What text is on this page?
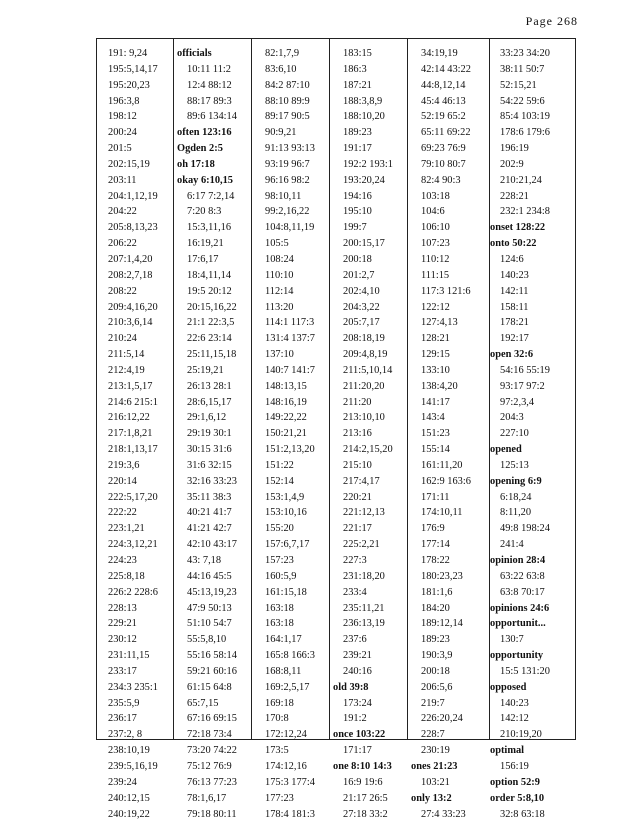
Page 268
191: 9,24
195:5,14,17
195:20,23
196:3,8
198:12
200:24
201:5
202:15,19
203:11
204:1,12,19
204:22
205:8,13,23
206:22
207:1,4,20
208:2,7,18
208:22
209:4,16,20
210:3,6,14
210:24
211:5,14
212:4,19
213:1,5,17
214:6 215:1
216:12,22
217:1,8,21
218:1,13,17
219:3,6
220:14
222:5,17,20
222:22
223:1,21
224:3,12,21
224:23
225:8,18
226:2 228:6
228:13
229:21
230:12
231:11,15
233:17
234:3 235:1
235:5,9
236:17
237:2, 8
238:10,19
239:5,16,19
239:24
240:12,15
240:19,22
officials
10:11 11:2
12:4 88:12
88:17 89:3
89:6 134:14
often 123:16
Ogden 2:5
oh 17:18
okay 6:10,15
6:17 7:2,14
7:20 8:3
15:3,11,16
16:19,21
17:6,17
18:4,11,14
19:5 20:12
20:15,16,22
21:1 22:3,5
22:6 23:14
25:11,15,18
25:19,21
26:13 28:1
28:6,15,17
29:1,6,12
29:19 30:1
30:15 31:6
31:6 32:15
32:16 33:23
35:11 38:3
40:21 41:7
41:21 42:7
42:10 43:17
43: 7,18
44:16 45:5
45:13,19,23
47:9 50:13
51:10 54:7
55:5,8,10
55:16 58:14
59:21 60:16
61:15 64:8
65:7,15
67:16 69:15
72:18 73:4
73:20 74:22
75:12 76:9
76:13 77:23
78:1,6,17
79:18 80:11
82:1,7,9
83:6,10
84:2 87:10
88:10 89:9
89:17 90:5
90:9,21
91:13 93:13
93:19 96:7
96:16 98:2
98:10,11
99:2,16,22
104:8,11,19
105:5
108:24
110:10
112:14
113:20
114:1 117:3
131:4 137:7
137:10
140:7 141:7
148:13,15
148:16,19
149:22,22
150:21,21
151:2,13,20
151:22
152:14
153:1,4,9
153:10,16
155:20
157:6,7,17
157:23
160:5,9
161:15,18
163:18
163:18
164:1,17
165:8 166:3
168:8,11
169:2,5,17
169:18
170:8
172:12,24
173:5
174:12,16
175:3 177:4
177:23
178:4 181:3
183:15
186:3
187:21
188:3,8,9
188:10,20
189:23
191:17
192:2 193:1
193:20,24
194:16
195:10
199:7
200:15,17
200:18
201:2,7
202:4,10
204:3,22
205:7,17
208:18,19
209:4,8,19
211:5,10,14
211:20,20
211:20
213:10,10
213:16
214:2,15,20
215:10
217:4,17
220:21
221:12,13
221:17
225:2,21
227:3
231:18,20
233:4
235:11,21
236:13,19
237:6
239:21
240:16
old 39:8
173:24
191:2
once 103:22
171:17
one 8:10 14:3
16:9 19:6
21:17 26:5
27:18 33:2
34:19,19
42:14 43:22
44:8,12,14
45:4 46:13
52:19 65:2
65:11 69:22
69:23 76:9
79:10 80:7
82:4 90:3
103:18
104:6
106:10
107:23
110:12
111:15
117:3 121:6
122:12
127:4,13
128:21
129:15
133:10
138:4,20
141:17
143:4
151:23
155:14
161:11,20
162:9 163:6
171:11
174:10,11
176:9
177:14
178:22
180:23,23
181:1,6
184:20
189:12,14
189:23
190:3,9
200:18
206:5,6
219:7
226:20,24
228:7
230:19
ones 21:23
103:21
only 13:2
27:4 33:23
33:23 34:20
38:11 50:7
52:15,21
54:22 59:6
85:4 103:19
178:6 179:6
196:19
202:9
210:21,24
228:21
232:1 234:8
onset 128:22
onto 50:22
124:6
140:23
142:11
158:11
178:21
192:17
open 32:6
54:16 55:19
93:17 97:2
97:2,3,4
204:3
227:10
opened
125:13
opening 6:9
6:18,24
8:11,20
49:8 198:24
241:4
opinion 28:4
63:22 63:8
63:8 70:17
opinions 24:6
opportunit...
130:7
opportunity
15:5 131:20
opposed
140:23
142:12
210:19,20
optimal
156:19
option 52:9
order 5:8,10
32:8 63:18
